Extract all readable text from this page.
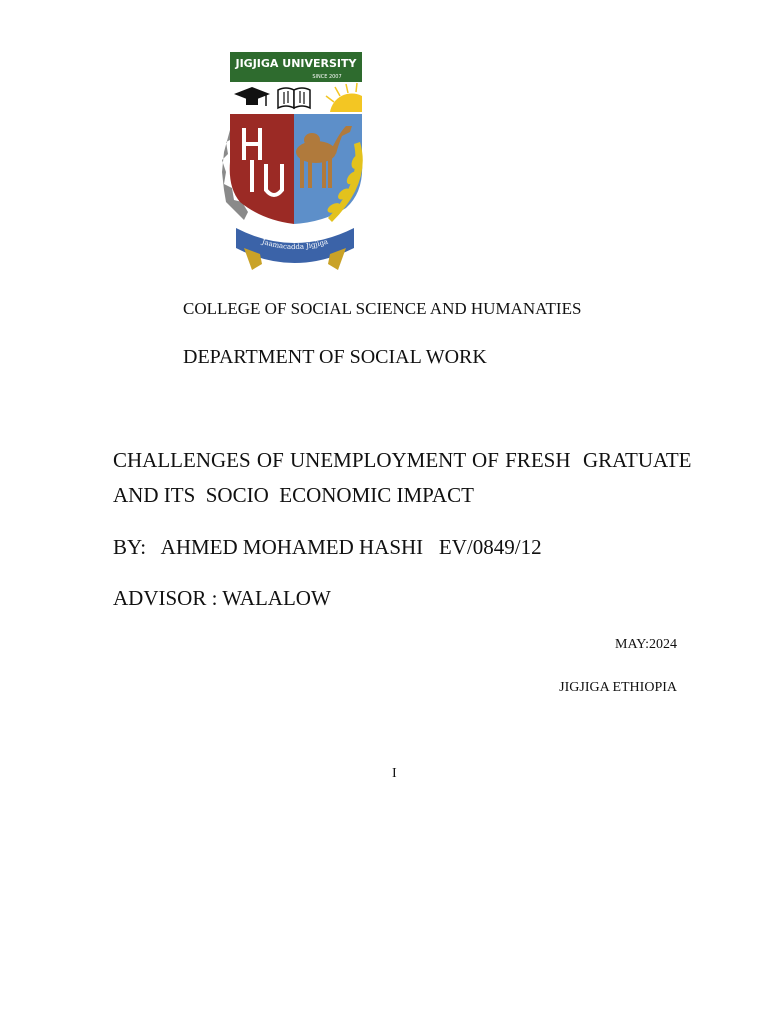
JIGJIGA UNIVERSITY
SINCE 2007
Jaamacadda Jigjiga
COLLEGE OF SOCIAL SCIENCE AND HUMANATIES
DEPARTMENT OF SOCIAL WORK
CHALLENGES OF UNEMPLOYMENT OF FRESH  GRATUATE
AND ITS  SOCIO  ECONOMIC IMPACT
BY:   AHMED MOHAMED HASHI   EV/0849/12
ADVISOR : WALALOW
MAY:2024
JIGJIGA ETHIOPIA
I
